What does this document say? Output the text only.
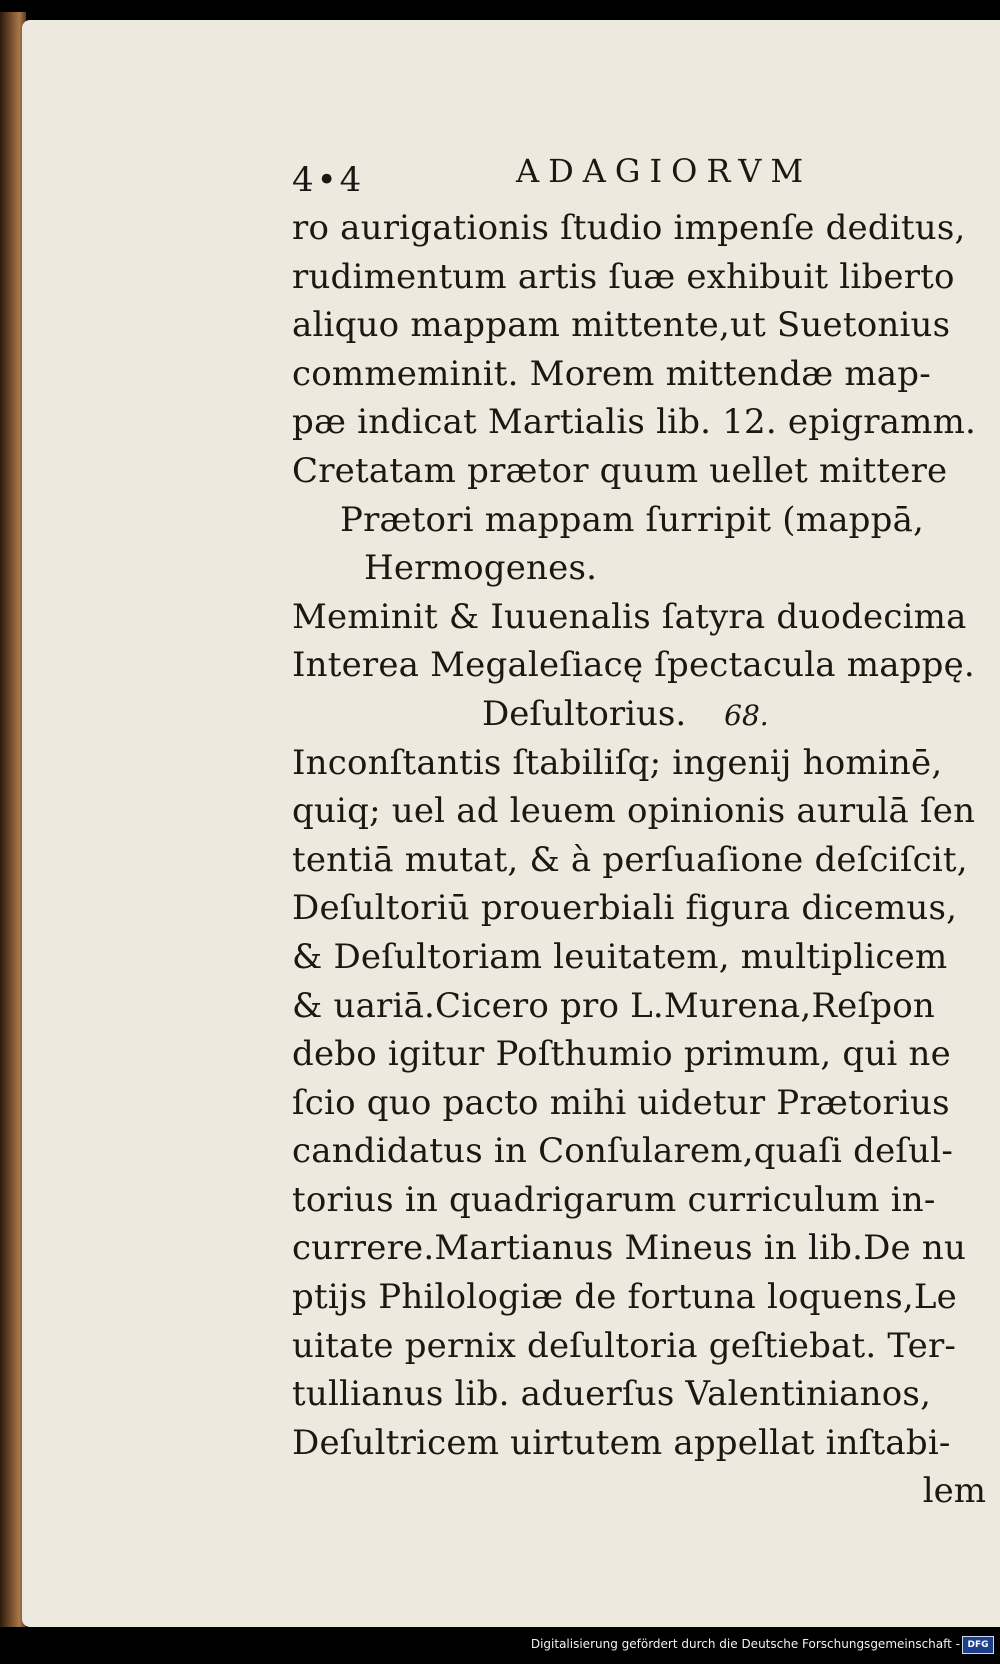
4•4	ADAGIORVM
ro aurigationis ſtudio impenſe deditus,
rudimentum artis ſuæ exhibuit liberto
aliquo mappam mittente,ut Suetonius
commeminit. Morem mittendæ map-
pæ indicat Martialis lib. 12. epigramm.
Cretatam prætor quum uellet mittere
Prætori mappam ſurripit (mappā,
Hermogenes.
Meminit & Iuuenalis ſatyra duodecima
Interea Megaleſiacę ſpectacula mappę.
Deſultorius. 68.
Inconſtantis ſtabiliſq; ingenij hominē,
quiq; uel ad leuem opinionis aurulā ſen
tentiā mutat, & à perſuaſione deſciſcit,
Deſultoriū prouerbiali figura dicemus,
& Deſultoriam leuitatem, multiplicem
& uariā.Cicero pro L.Murena,Reſpon
debo igitur Poſthumio primum, qui ne
ſcio quo pacto mihi uidetur Prætorius
candidatus in Conſularem,quaſi deſul-
torius in quadrigarum curriculum in-
currere.Martianus Mineus in lib.De nu
ptijs Philologiæ de fortuna loquens,Le
uitate pernix deſultoria geſtiebat. Ter-
tullianus lib. aduerſus Valentinianos,
Deſultricem uirtutem appellat inſtabi-
lem
Digitalisierung gefördert durch die Deutsche Forschungsgemeinschaft - DFG
